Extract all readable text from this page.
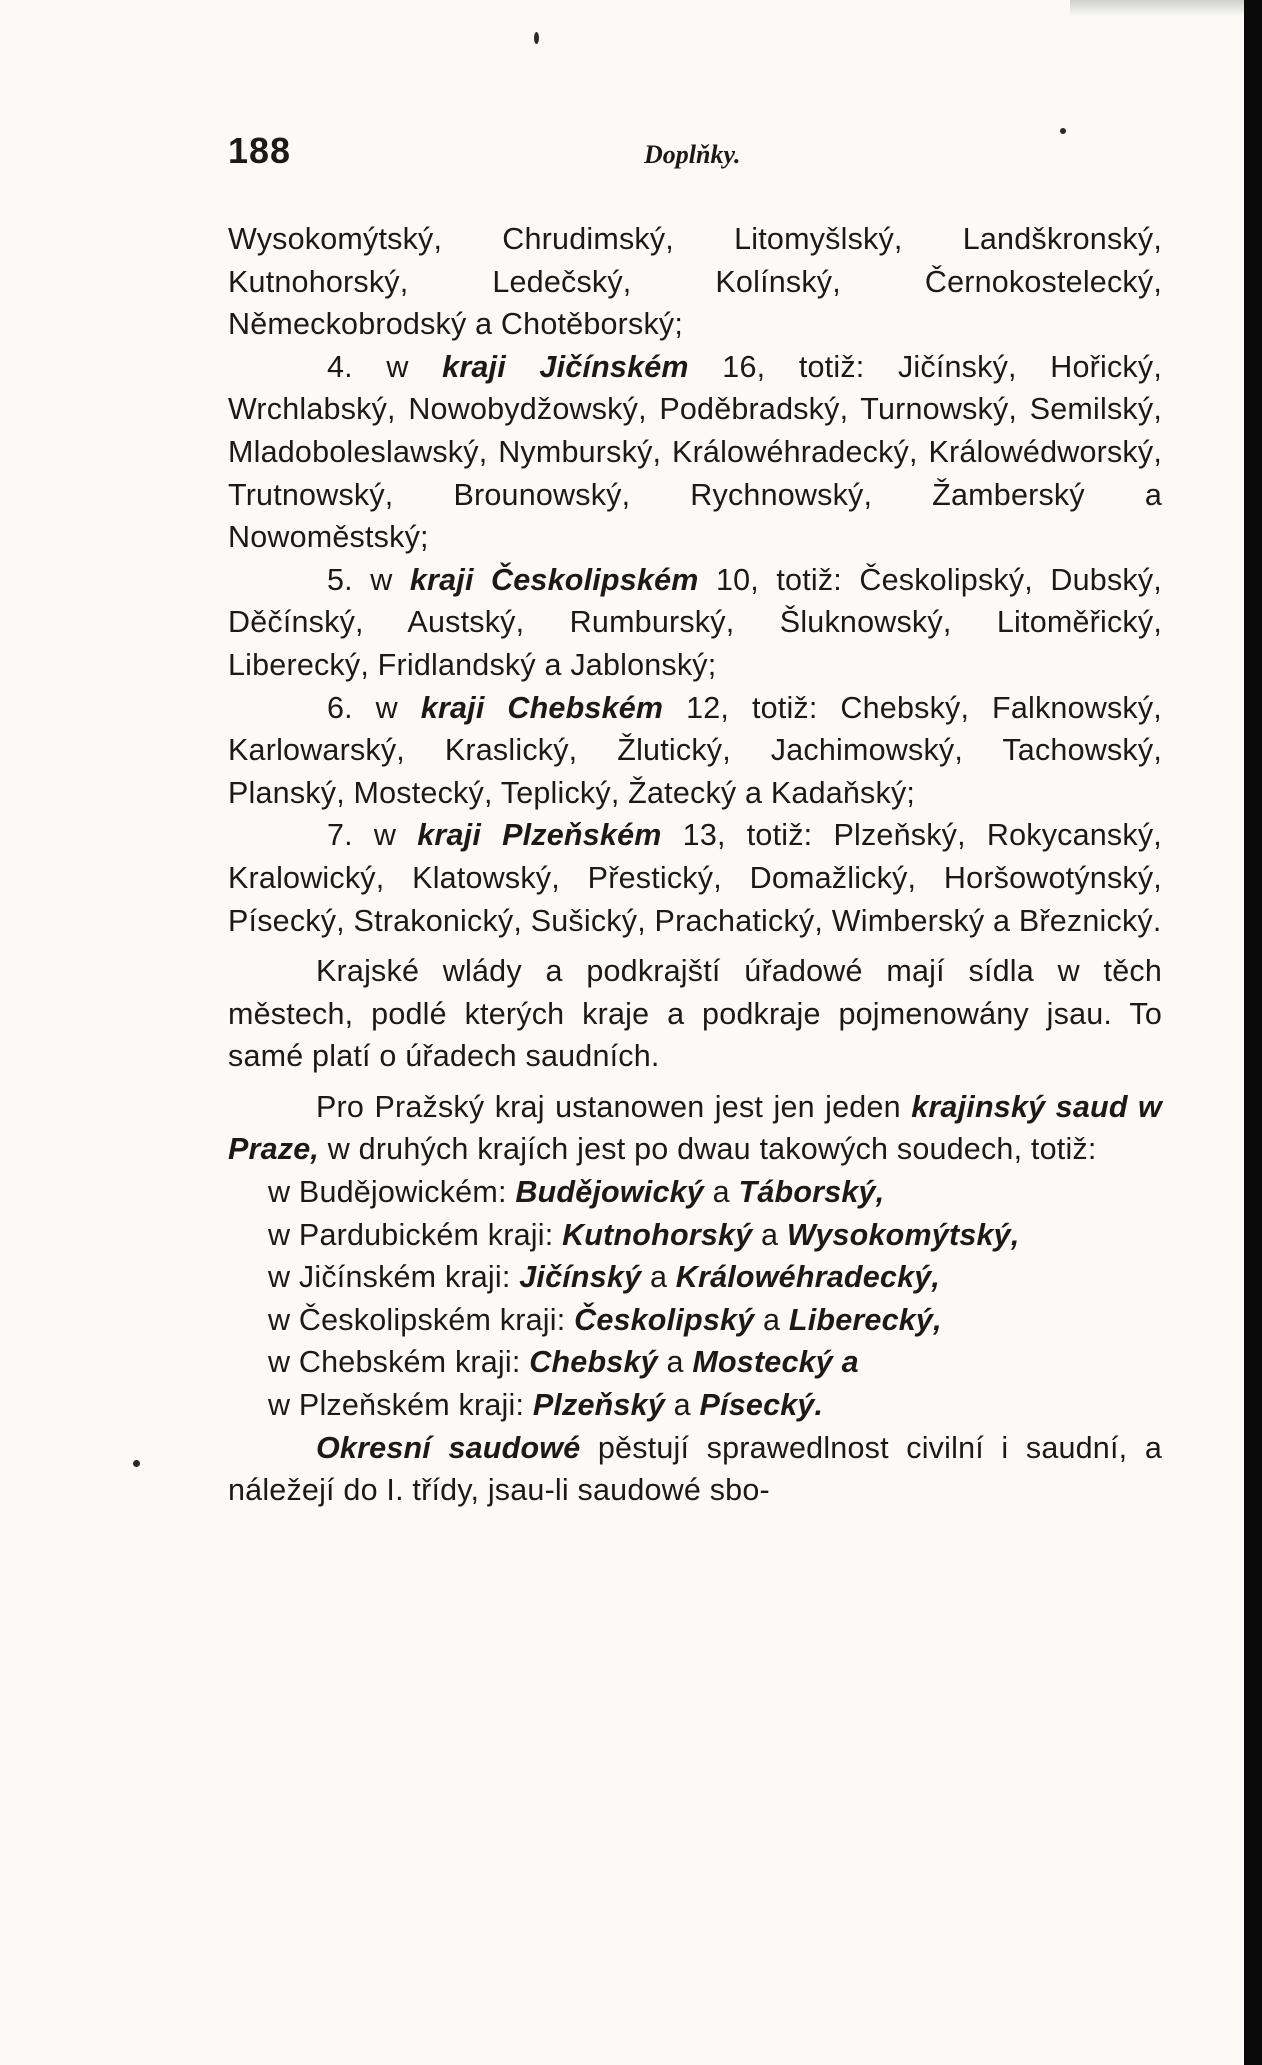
188	Doplňky.

Wysokomýtský, Chrudimský, Litomyšlský, Landškronský, Kutnohorský, Ledečský, Kolínský, Černokostelecký, Německobrodský a Chotěborský;

4. w kraji Jičínském 16, totiž: Jičínský, Hořický, Wrchlabský, Nowobydžowský, Poděbradský, Turnowský, Semilský, Mladoboleslawský, Nymburský, Králowéhradecký, Králowédworský, Trutnowský, Brounowský, Rychnowský, Žamberský a Nowoměstský;

5. w kraji Českolipském 10, totiž: Českolipský, Dubský, Děčínský, Austský, Rumburský, Šluknowský, Litoměřický, Liberecký, Fridlandský a Jablonský;

6. w kraji Chebském 12, totiž: Chebský, Falknowský, Karlowarský, Kraslický, Žlutický, Jachimowský, Tachowský, Planský, Mostecký, Teplický, Žatecký a Kadaňský;

7. w kraji Plzeňském 13, totiž: Plzeňský, Rokycanský, Kralowický, Klatowský, Přestický, Domažlický, Horšowotýnský, Písecký, Strakonický, Sušický, Prachatický, Wimberský a Březnický.

Krajské wlády a podkrajští úřadowé mají sídla w těch městech, podlé kterých kraje a podkraje pojmenowány jsau. To samé platí o úřadech saudních.

Pro Pražský kraj ustanowen jest jen jeden krajinský saud w Praze, w druhých krajích jest po dwau takowých soudech, totiž:

w Budějowickém: Budějowický a Táborský,

w Pardubickém kraji: Kutnohorský a Wysokomýtský,

w Jičínském kraji: Jičínský a Králowéhradecký,

w Českolipském kraji: Českolipský a Liberecký,

w Chebském kraji: Chebský a Mostecký a

w Plzeňském kraji: Plzeňský a Písecký.

Okresní saudowé pěstují sprawedlnost civilní i saudní, a náležejí do I. třídy, jsau-li saudowé sbo-
